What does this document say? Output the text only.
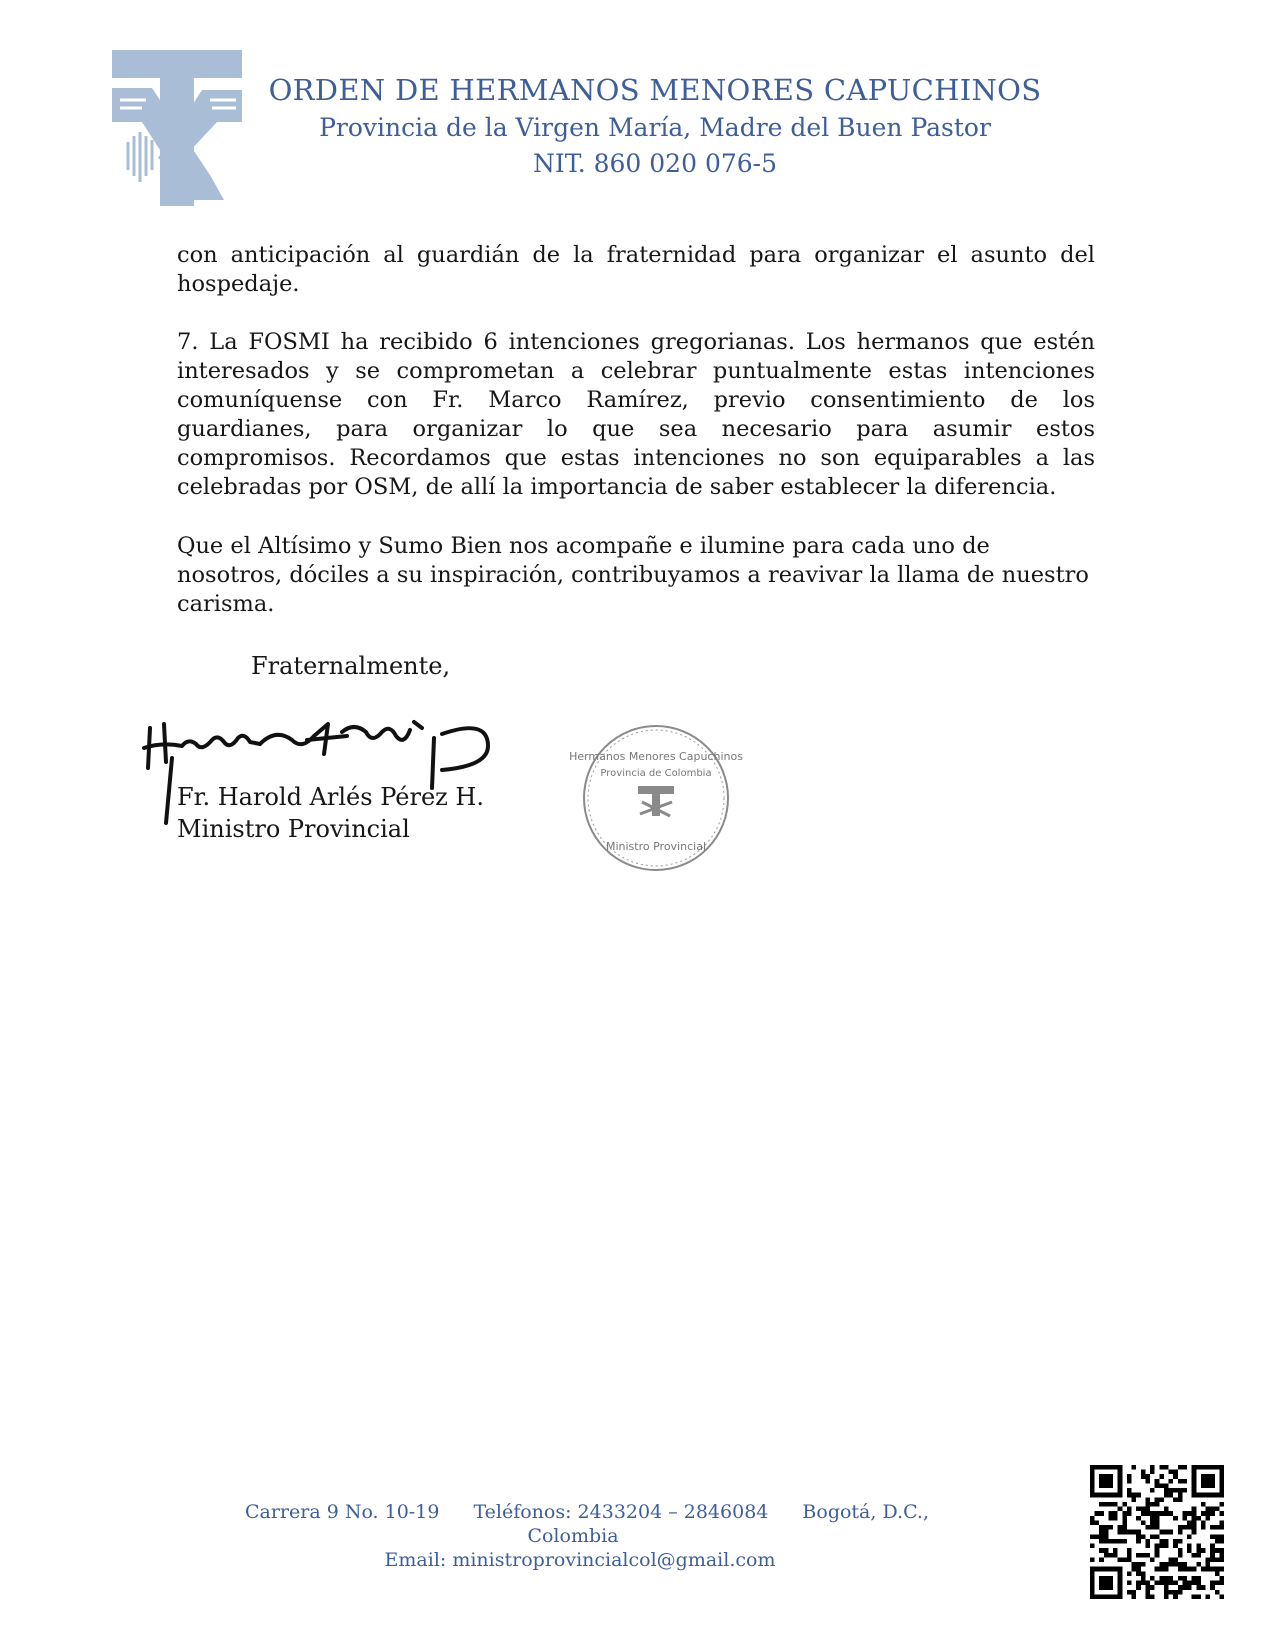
ORDEN DE HERMANOS MENORES CAPUCHINOS
Provincia de la Virgen María, Madre del Buen Pastor
NIT. 860 020 076-5
con anticipación al guardián de la fraternidad para organizar el asunto del hospedaje.
7. La FOSMI ha recibido 6 intenciones gregorianas. Los hermanos que estén interesados y se comprometan a celebrar puntualmente estas intenciones comuníquense con Fr. Marco Ramírez, previo consentimiento de los guardianes, para organizar lo que sea necesario para asumir estos compromisos. Recordamos que estas intenciones no son equiparables a las celebradas por OSM, de allí la importancia de saber establecer la diferencia.
Que el Altísimo y Sumo Bien nos acompañe e ilumine para cada uno de nosotros, dóciles a su inspiración, contribuyamos a reavivar la llama de nuestro carisma.
Fraternalmente,
Fr. Harold Arlés Pérez H.
Ministro Provincial
Hermanos Menores Capuchinos
Provincia de Colombia
Ministro Provincial
Carrera 9 No. 10-19 Teléfonos: 2433204 – 2846084 Bogotá, D.C., Colombia
Email: ministroprovincialcol@gmail.com
